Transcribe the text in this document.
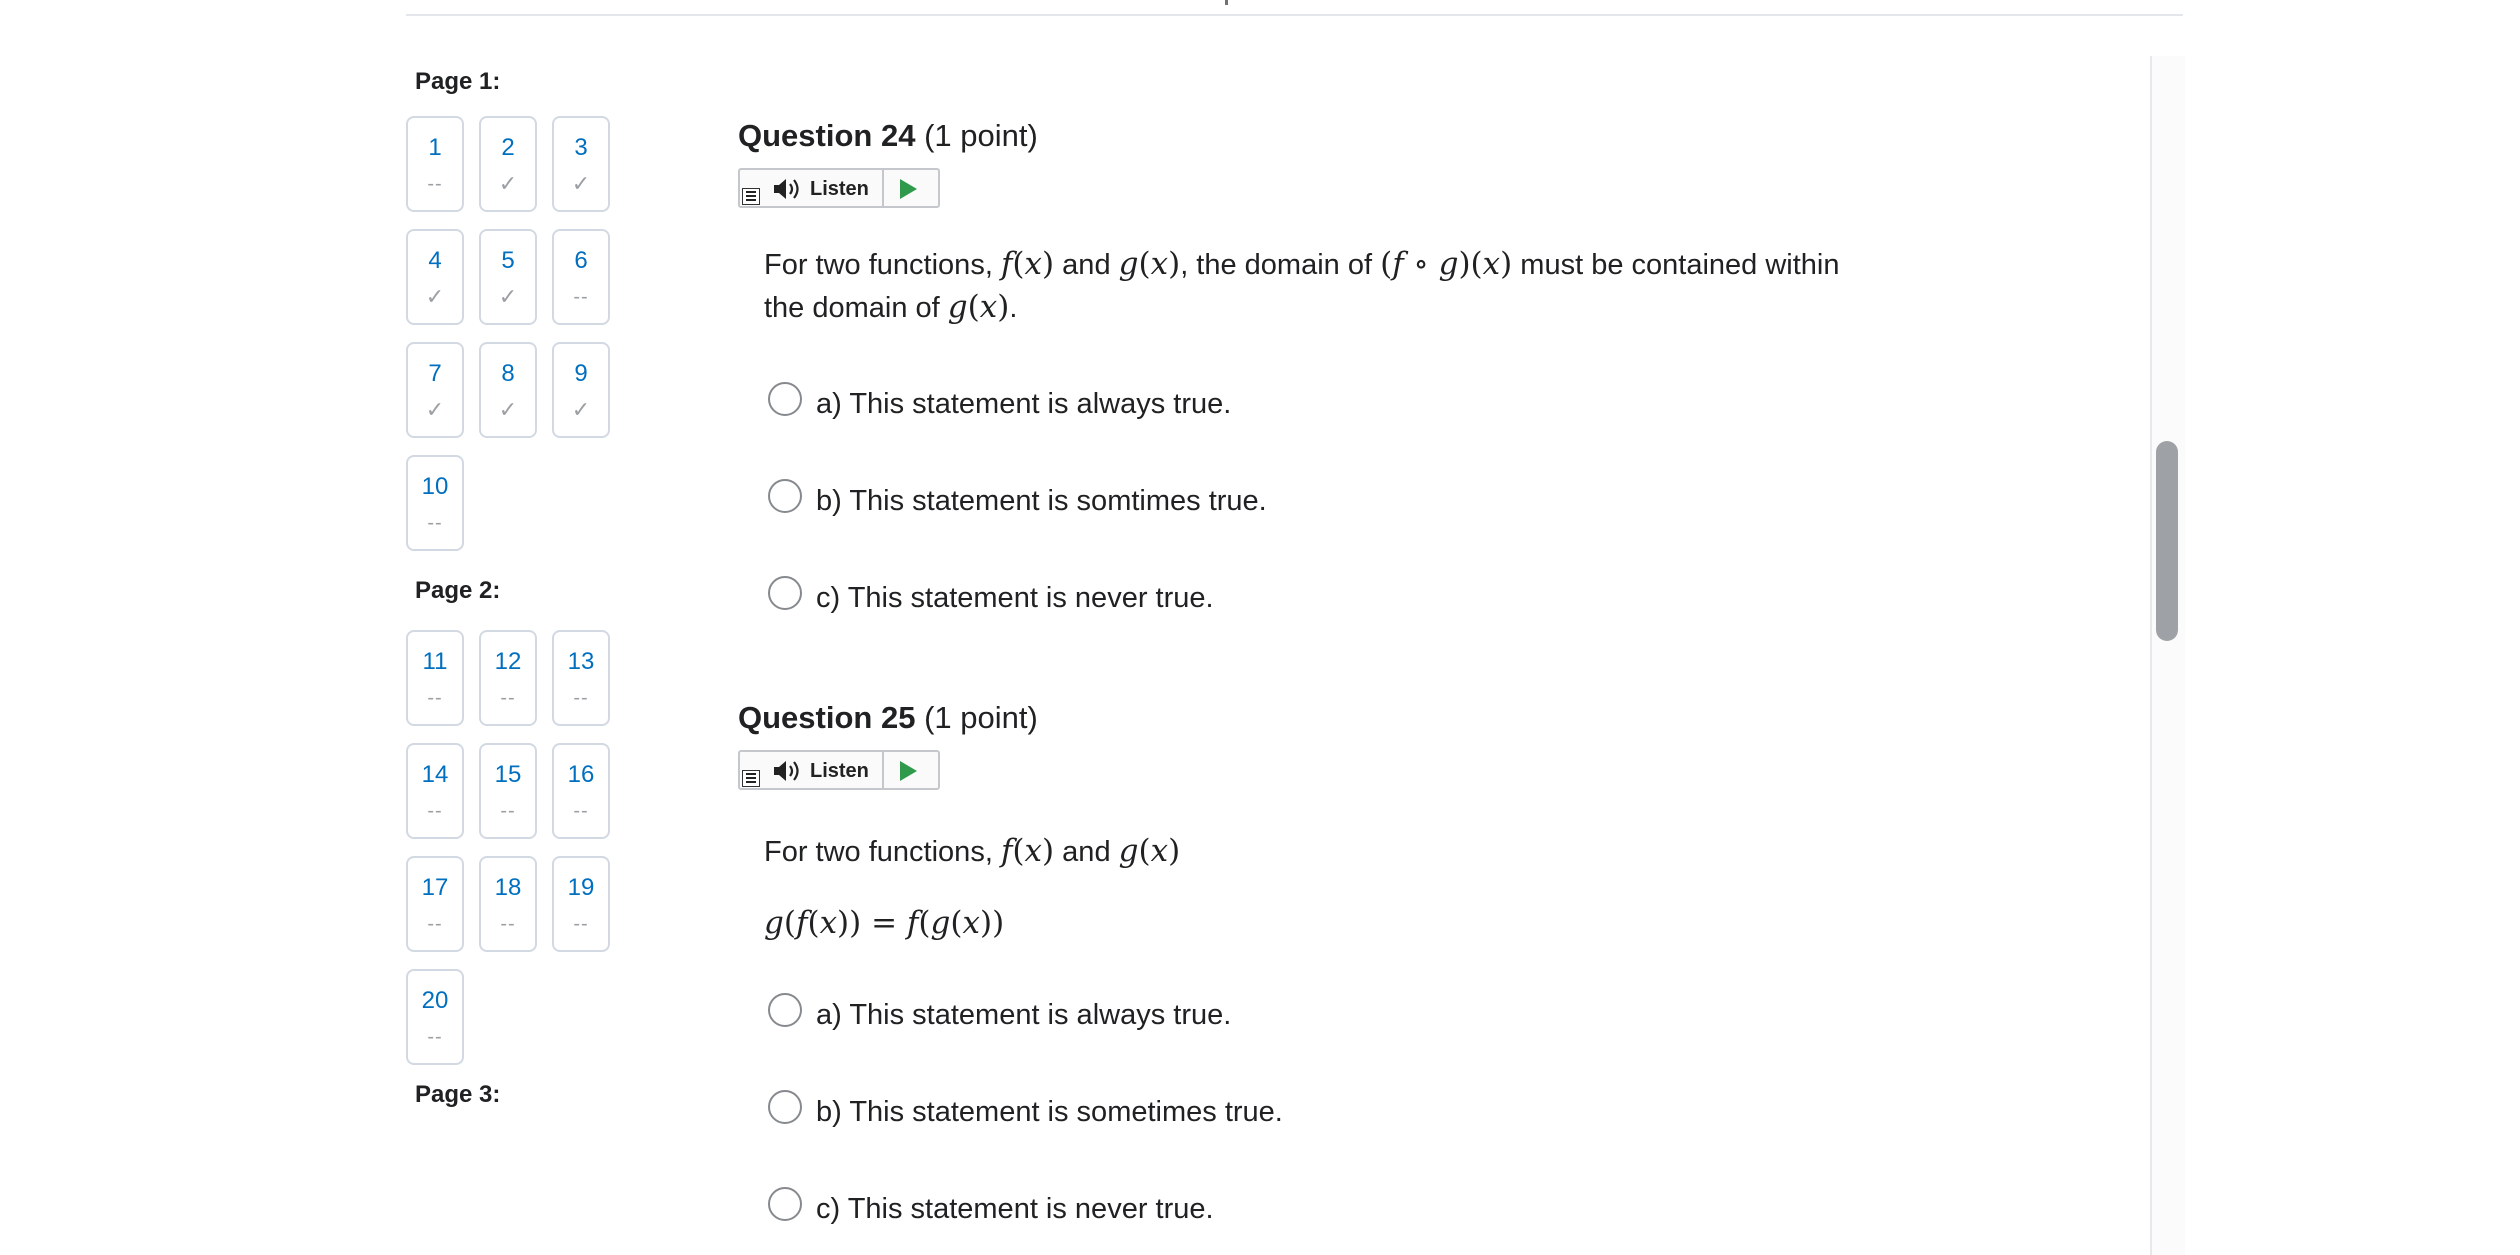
Page 1:
1
--
2
✓
3
✓
4
✓
5
✓
6
--
7
✓
8
✓
9
✓
10
--
Page 2:
11
--
12
--
13
--
14
--
15
--
16
--
17
--
18
--
19
--
20
--
Page 3:
Question 24 (1 point)
Listen
For two functions, f(x) and g(x), the domain of (f ∘ g)(x) must be contained within the domain of g(x).
a) This statement is always true.
b) This statement is somtimes true.
c) This statement is never true.
Question 25 (1 point)
Listen
For two functions, f(x) and g(x)
g(f(x)) = f(g(x))
a) This statement is always true.
b) This statement is sometimes true.
c) This statement is never true.
